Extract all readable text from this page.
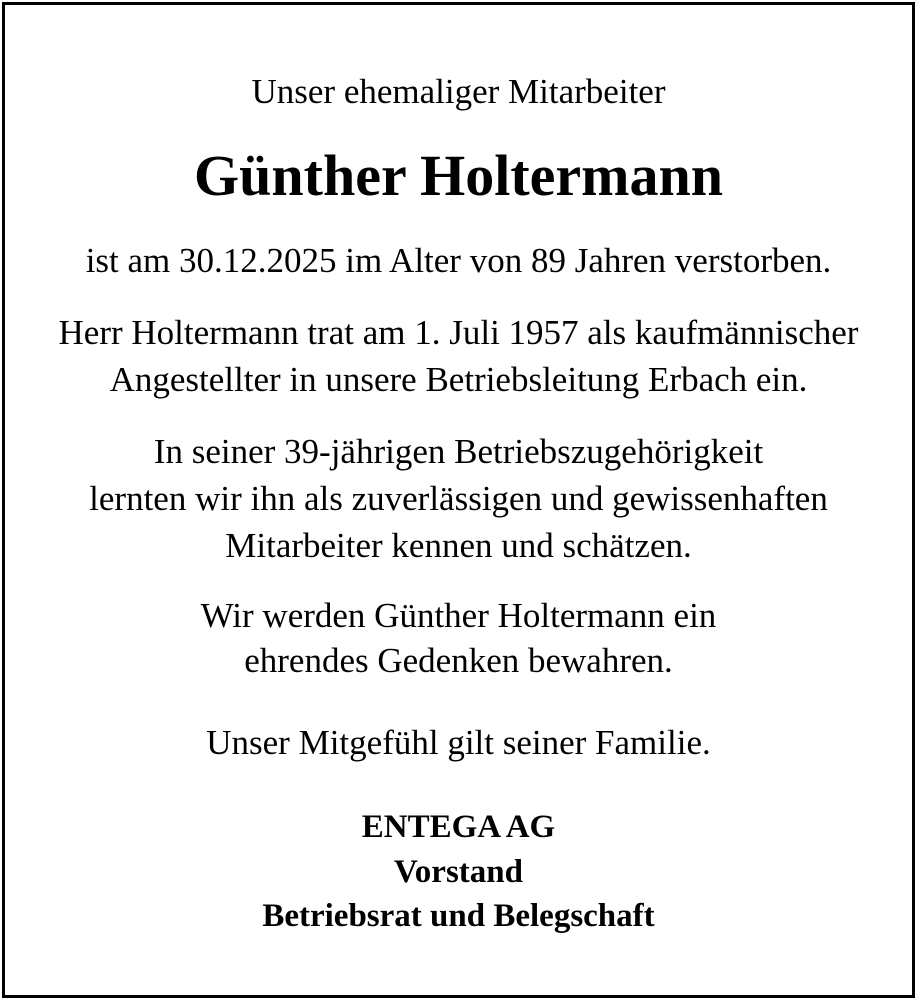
Unser ehemaliger Mitarbeiter
Günther Holtermann
ist am 30.12.2025 im Alter von 89 Jahren verstorben.
Herr Holtermann trat am 1. Juli 1957 als kaufmännischer
Angestellter in unsere Betriebsleitung Erbach ein.
In seiner 39-jährigen Betriebszugehörigkeit
lernten wir ihn als zuverlässigen und gewissenhaften
Mitarbeiter kennen und schätzen.
Wir werden Günther Holtermann ein
ehrendes Gedenken bewahren.
Unser Mitgefühl gilt seiner Familie.
ENTEGA AG
Vorstand
Betriebsrat und Belegschaft
